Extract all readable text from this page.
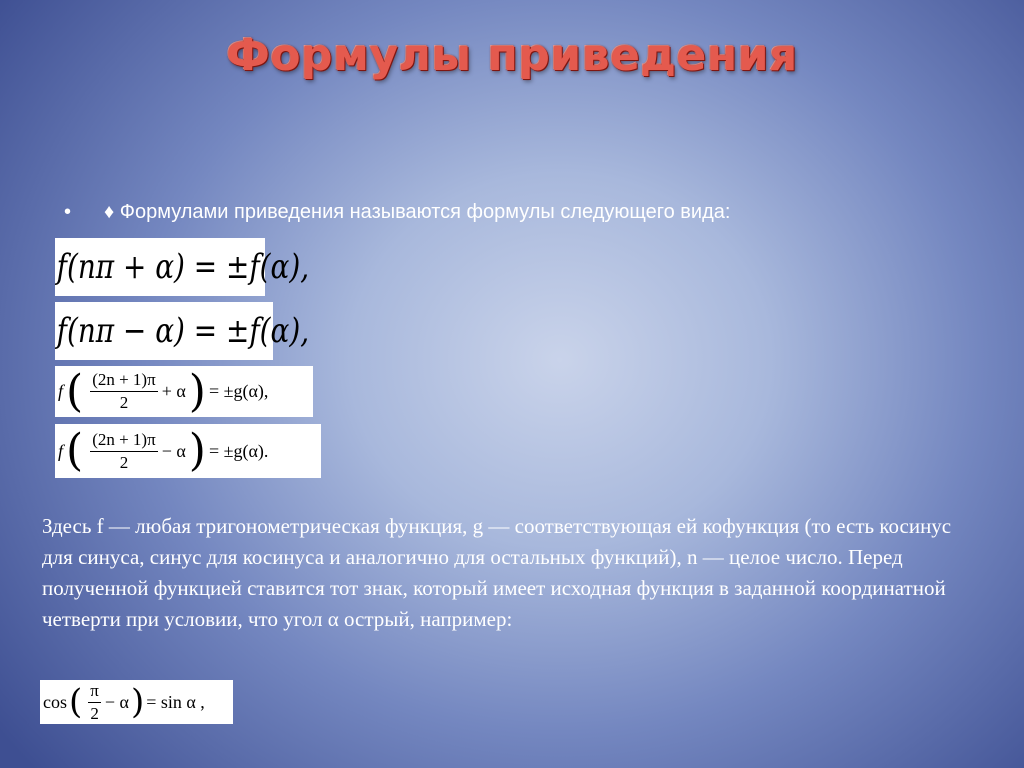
Формулы приведения
• ♦ Формулами приведения называются формулы следующего вида:
f(nπ + α) = ±f(α),
f(nπ − α) = ±f(α),
f ( $\frac{(2n + 1)\pi}{2} + \alpha$ ) = ±g(α),
f ( $\frac{(2n + 1)\pi}{2} - \alpha$ ) = ±g(α).
Здесь f — любая тригонометрическая функция, g — соответствующая ей кофункция (то есть косинус для синуса, синус для косинуса и аналогично для остальных функций), n — целое число. Перед полученной функцией ставится тот знак, который имеет исходная функция в заданной координатной четверти при условии, что угол α острый, например:
cos ( $\frac{\pi}{2} - \alpha$ ) = sin α ,
